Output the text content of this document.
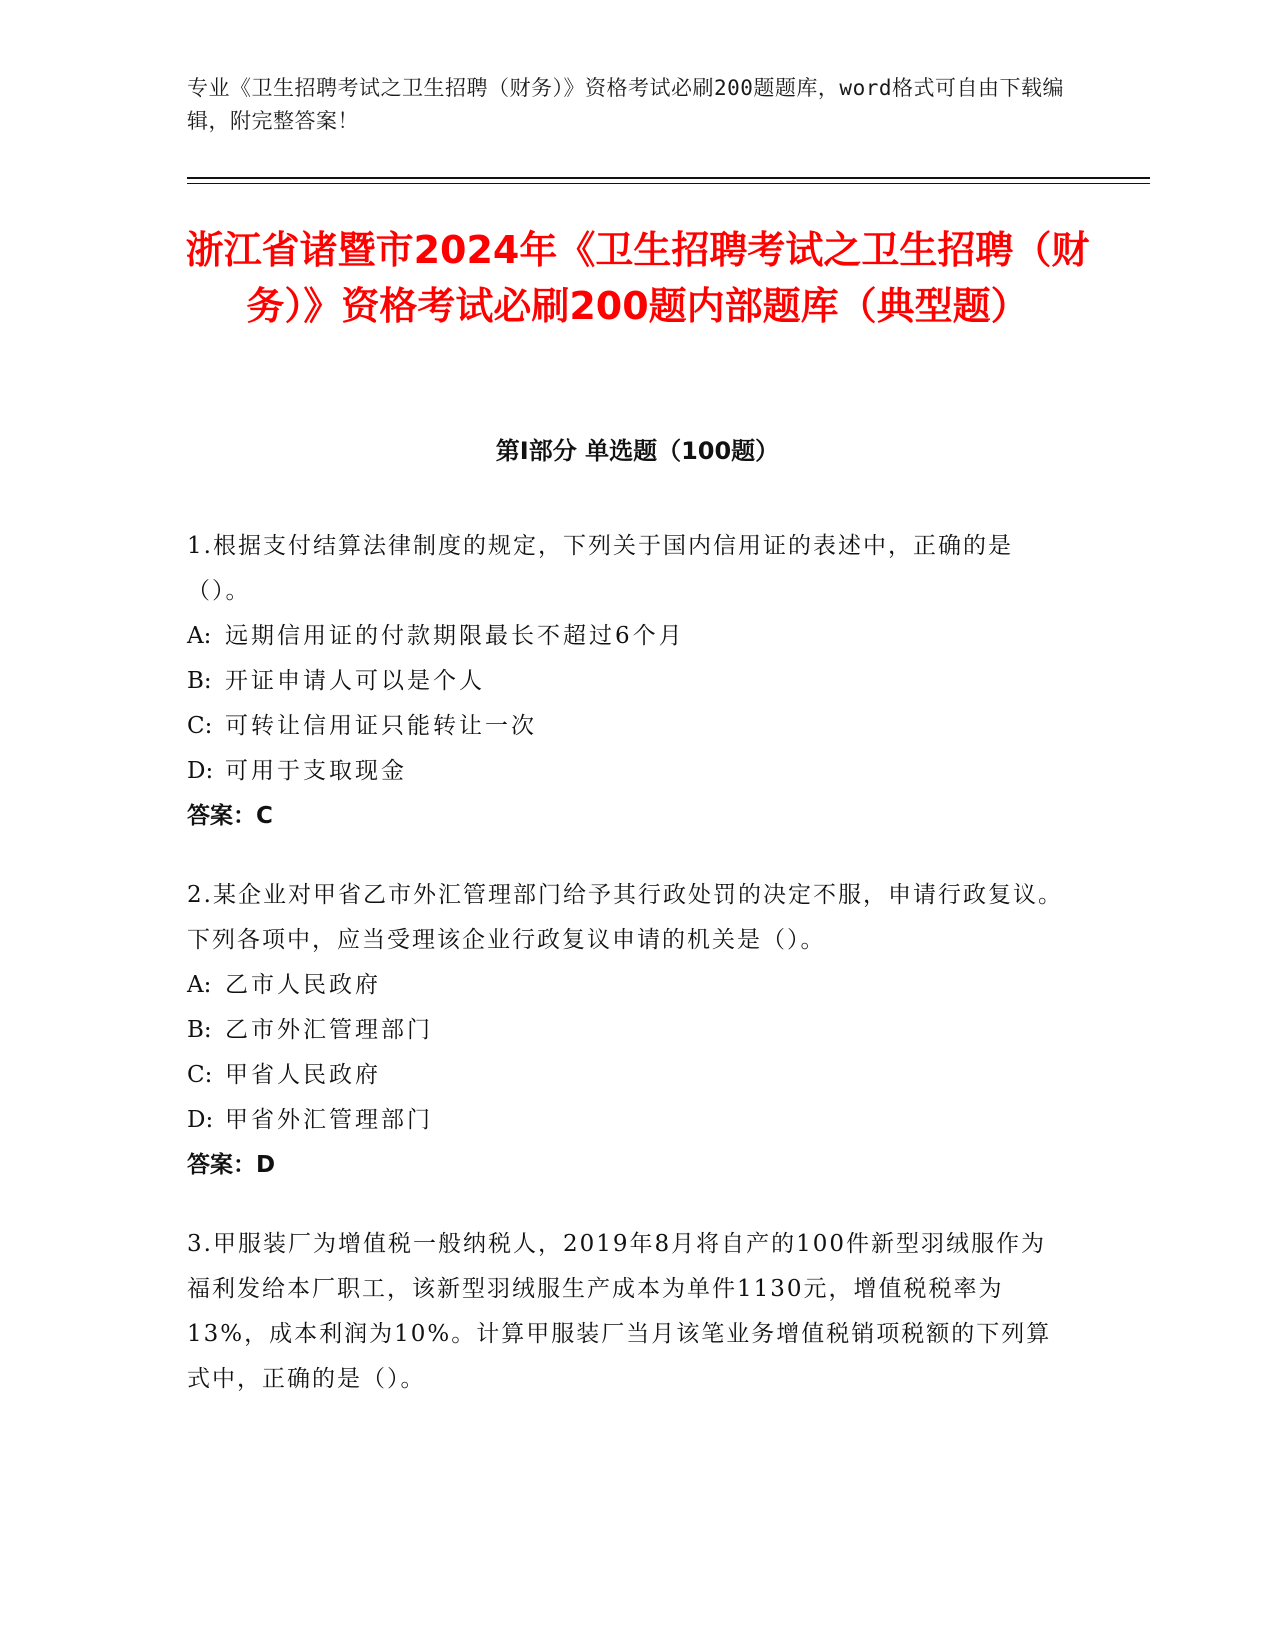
专业《卫生招聘考试之卫生招聘（财务）》资格考试必刷200题题库，word格式可自由下载编辑，附完整答案！
浙江省诸暨市2024年《卫生招聘考试之卫生招聘（财务）》资格考试必刷200题内部题库（典型题）
第Ⅰ部分 单选题（100题）
1.根据支付结算法律制度的规定，下列关于国内信用证的表述中，正确的是（）。
A: 远期信用证的付款期限最长不超过6个月
B: 开证申请人可以是个人
C: 可转让信用证只能转让一次
D: 可用于支取现金
答案：C
2.某企业对甲省乙市外汇管理部门给予其行政处罚的决定不服，申请行政复议。下列各项中，应当受理该企业行政复议申请的机关是（）。
A: 乙市人民政府
B: 乙市外汇管理部门
C: 甲省人民政府
D: 甲省外汇管理部门
答案：D
3.甲服装厂为增值税一般纳税人，2019年8月将自产的100件新型羽绒服作为福利发给本厂职工，该新型羽绒服生产成本为单件1130元，增值税税率为13%，成本利润为10%。计算甲服装厂当月该笔业务增值税销项税额的下列算式中，正确的是（）。
